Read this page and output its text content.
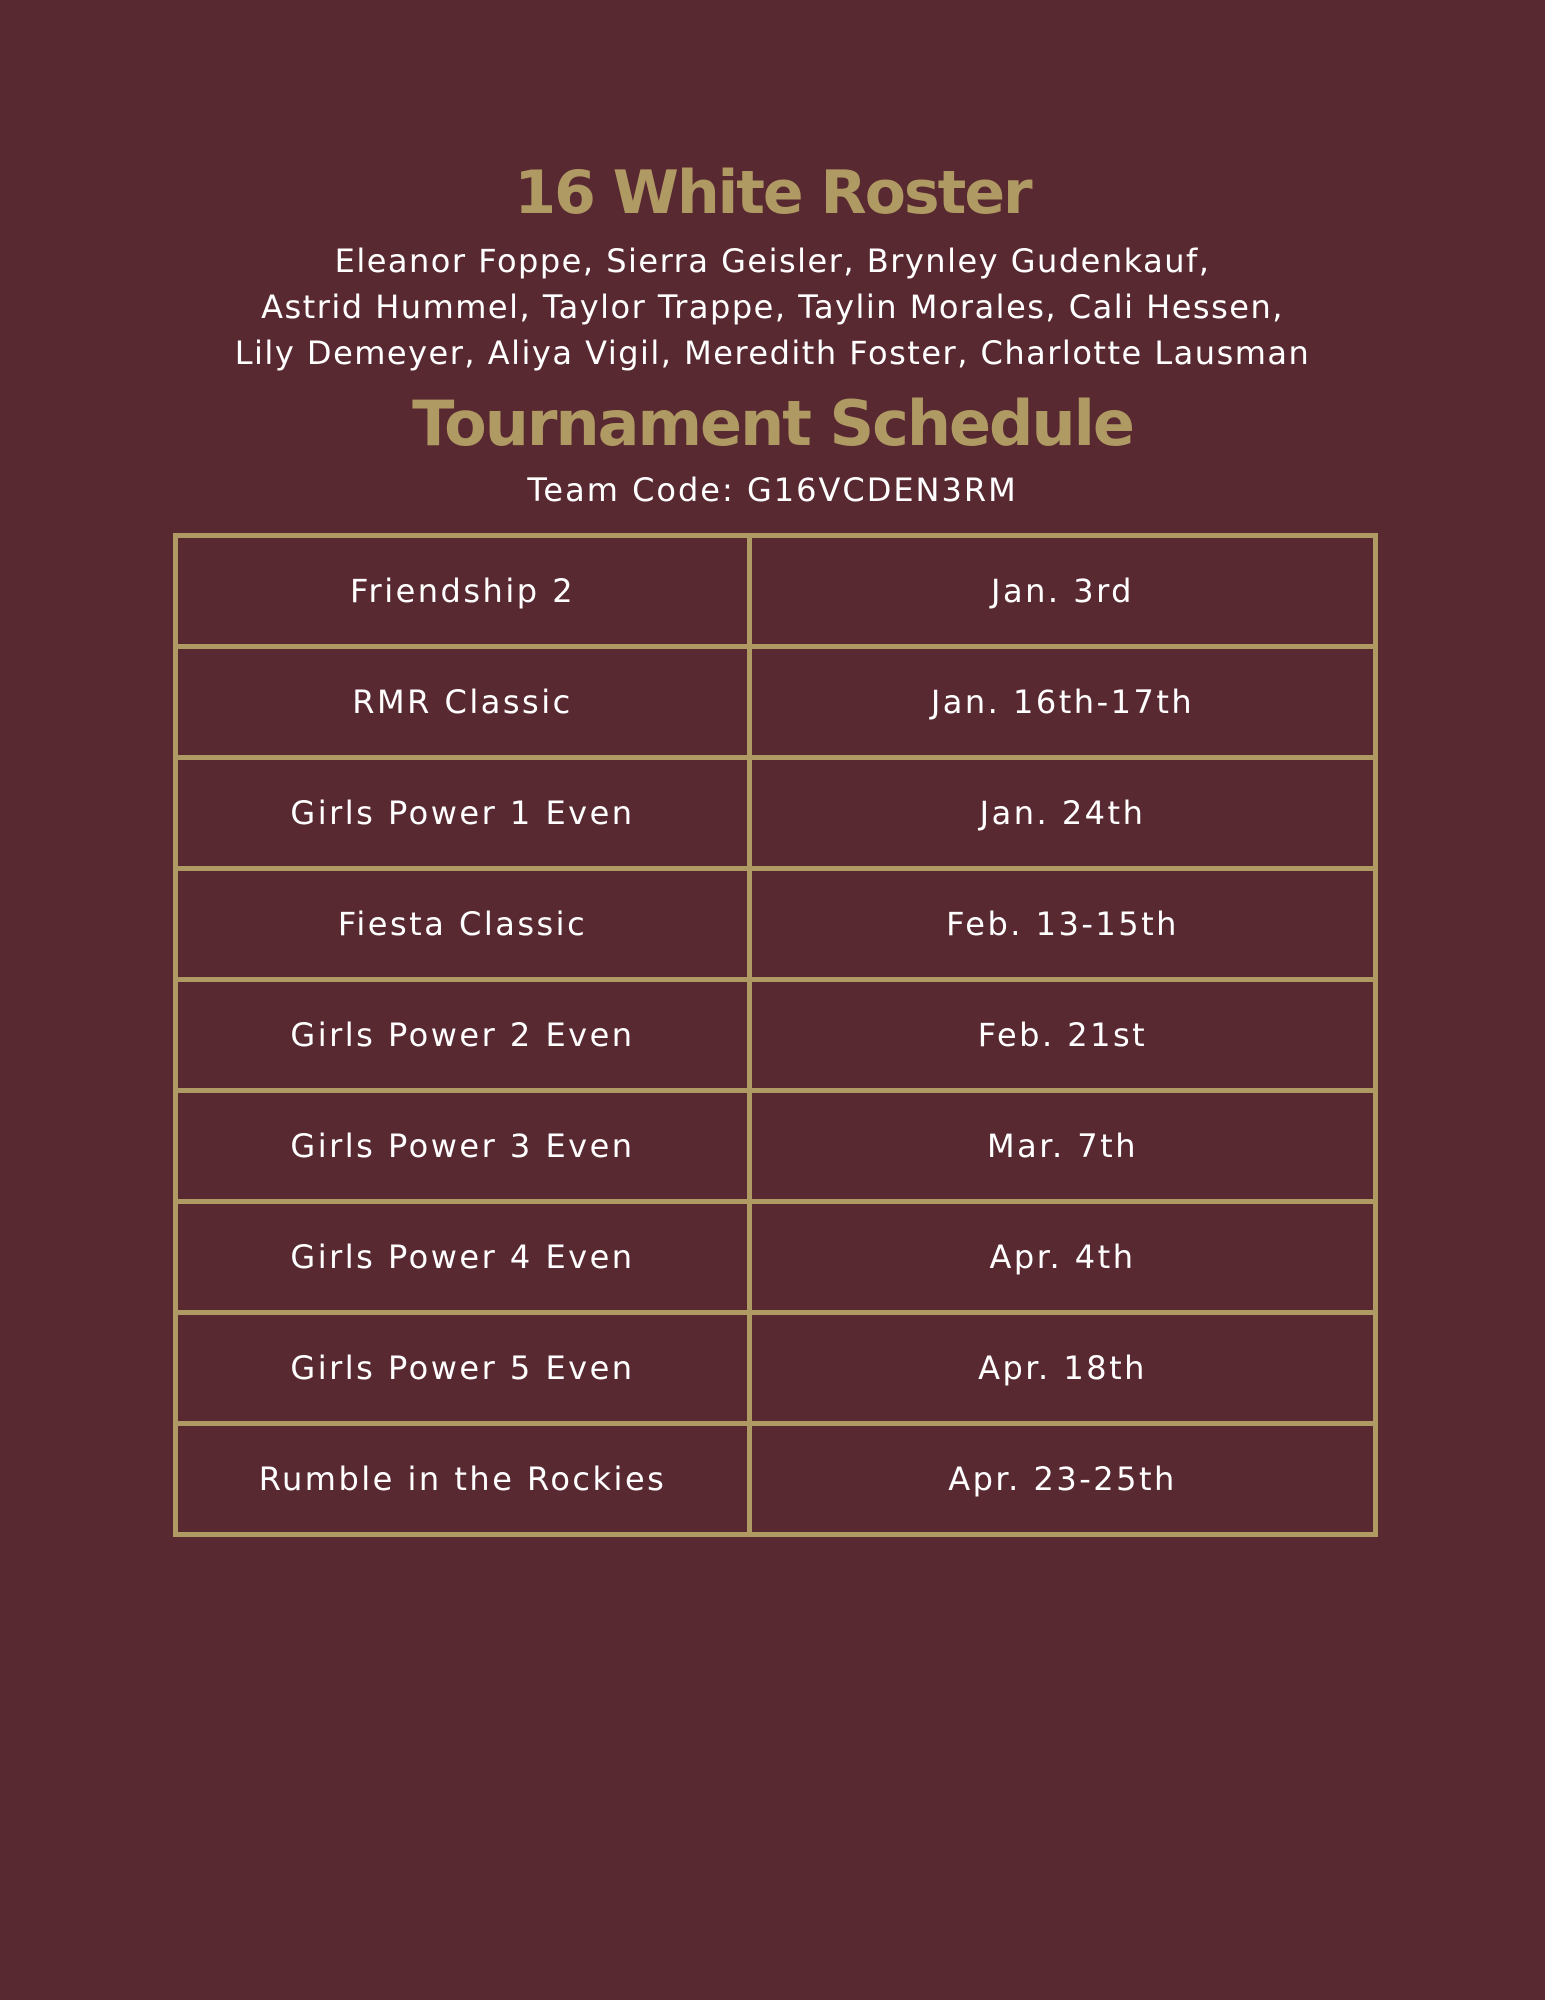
16 White Roster
Eleanor Foppe, Sierra Geisler, Brynley Gudenkauf,
Astrid Hummel, Taylor Trappe, Taylin Morales, Cali Hessen,
Lily Demeyer, Aliya Vigil, Meredith Foster, Charlotte Lausman
Tournament Schedule
Team Code: G16VCDEN3RM
Friendship 2	Jan. 3rd
RMR Classic	Jan. 16th-17th
Girls Power 1 Even	Jan. 24th
Fiesta Classic	Feb. 13-15th
Girls Power 2 Even	Feb. 21st
Girls Power 3 Even	Mar. 7th
Girls Power 4 Even	Apr. 4th
Girls Power 5 Even	Apr. 18th
Rumble in the Rockies	Apr. 23-25th
